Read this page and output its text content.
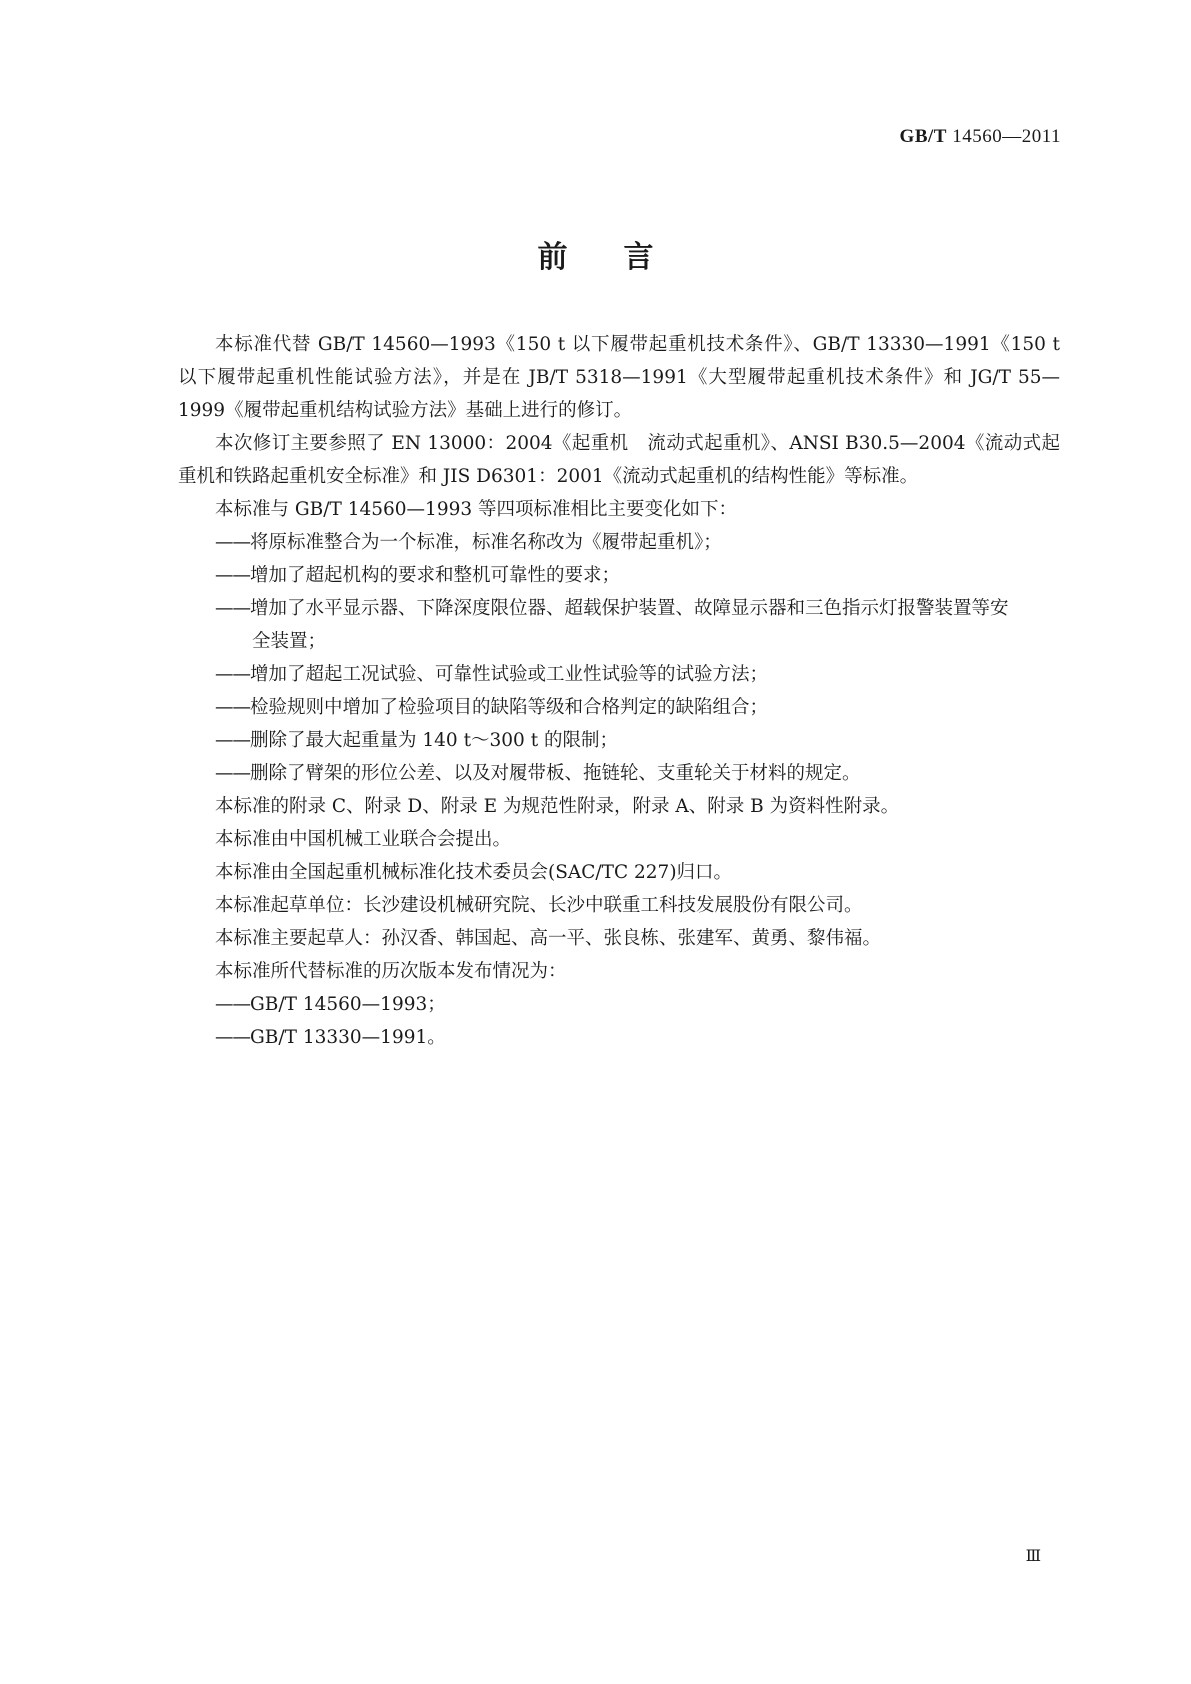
GB/T 14560—2011
前言

本标准代替 GB/T 14560—1993《150 t 以下履带起重机技术条件》、GB/T 13330—1991《150 t 以下履带起重机性能试验方法》，并是在 JB/T 5318—1991《大型履带起重机技术条件》和 JG/T 55—1999《履带起重机结构试验方法》基础上进行的修订。

本次修订主要参照了 EN 13000：2004《起重机　流动式起重机》、ANSI B30.5—2004《流动式起重机和铁路起重机安全标准》和 JIS D6301：2001《流动式起重机的结构性能》等标准。

本标准与 GB/T 14560—1993 等四项标准相比主要变化如下：

——将原标准整合为一个标准，标准名称改为《履带起重机》；

——增加了超起机构的要求和整机可靠性的要求；

——增加了水平显示器、下降深度限位器、超载保护装置、故障显示器和三色指示灯报警装置等安
全装置；

——增加了超起工况试验、可靠性试验或工业性试验等的试验方法；

——检验规则中增加了检验项目的缺陷等级和合格判定的缺陷组合；

——删除了最大起重量为 140 t～300 t 的限制；

——删除了臂架的形位公差、以及对履带板、拖链轮、支重轮关于材料的规定。

本标准的附录 C、附录 D、附录 E 为规范性附录，附录 A、附录 B 为资料性附录。

本标准由中国机械工业联合会提出。

本标准由全国起重机械标准化技术委员会(SAC/TC 227)归口。

本标准起草单位：长沙建设机械研究院、长沙中联重工科技发展股份有限公司。

本标准主要起草人：孙汉香、韩国起、高一平、张良栋、张建军、黄勇、黎伟福。

本标准所代替标准的历次版本发布情况为：

——GB/T 14560—1993；

——GB/T 13330—1991。

Ⅲ
